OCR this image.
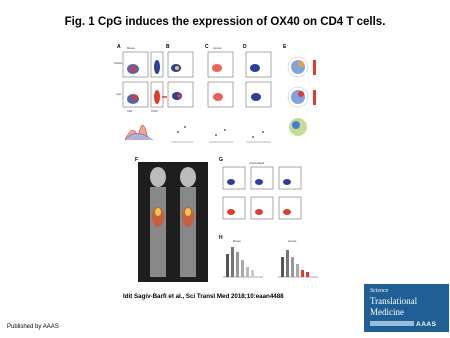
Fig. 1 CpG induces the expression of OX40 on CD4 T cells.
A	B	C	D	E
F	G
H
Mouse	Human
Vehicle
CpG
CD4	OX40
Mouse	Human
Unstimulated
Idit Sagiv-Barfi et al., Sci Transl Med 2018;10:eaan4488
Published by AAAS
Science
Translational
Medicine
AAAS
